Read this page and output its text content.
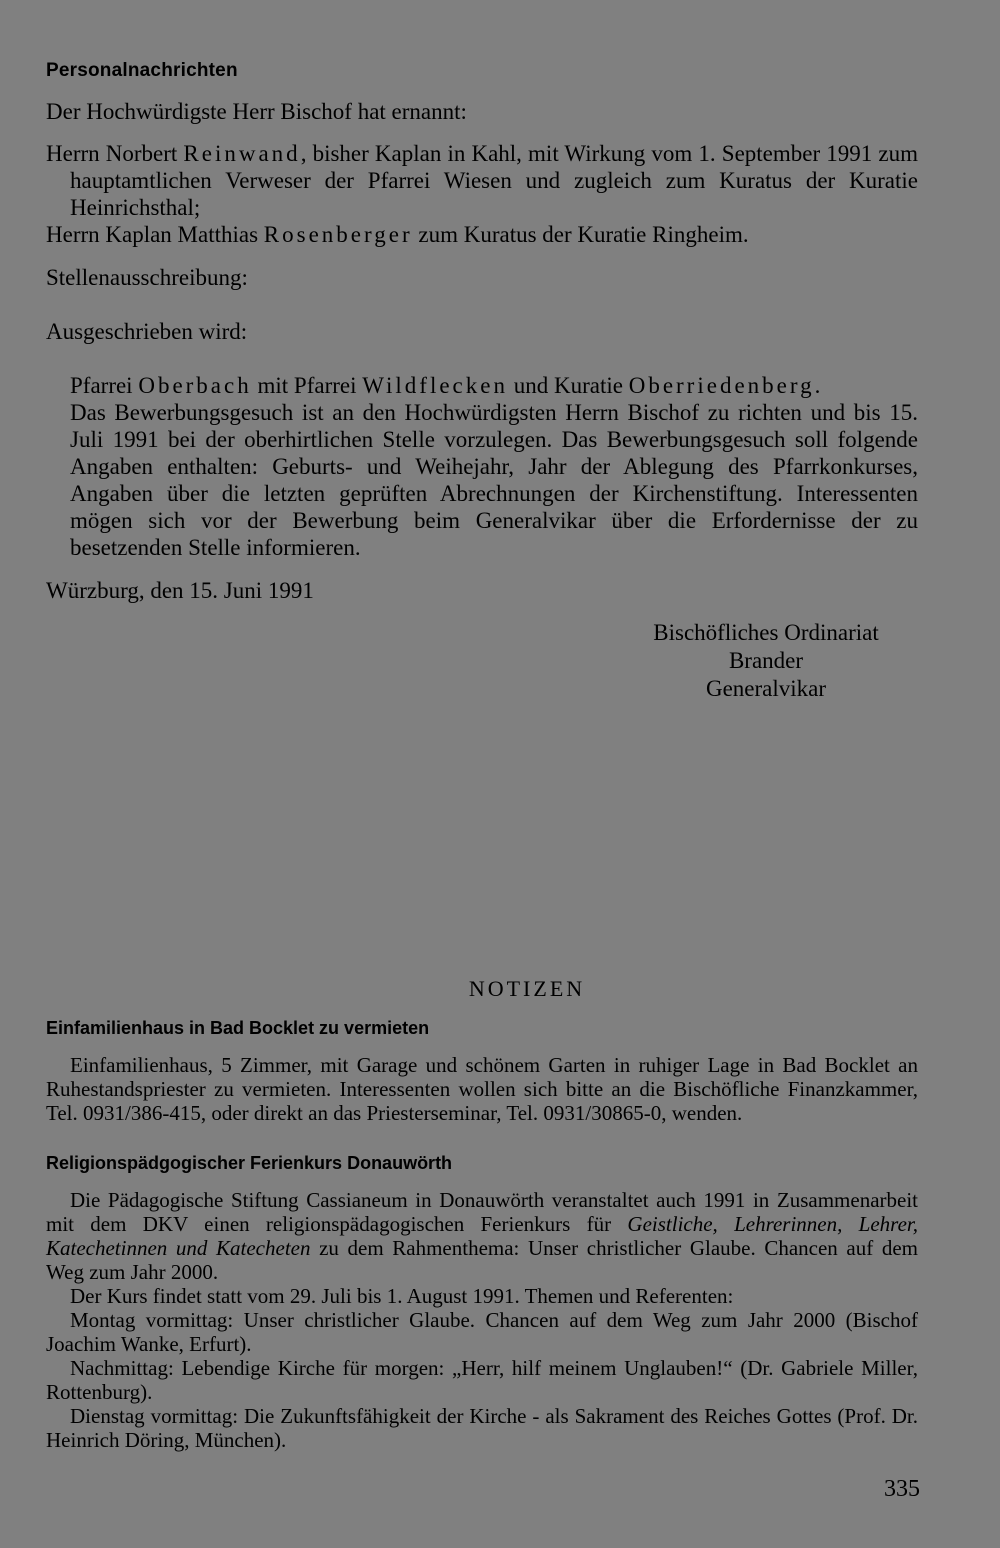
Personalnachrichten

Der Hochwürdigste Herr Bischof hat ernannt:

Herrn Norbert Reinwand, bisher Kaplan in Kahl, mit Wirkung vom 1. September 1991 zum hauptamtlichen Verweser der Pfarrei Wiesen und zugleich zum Kuratus der Kuratie Heinrichsthal;

Herrn Kaplan Matthias Rosenberger zum Kuratus der Kuratie Ringheim.

Stellenausschreibung:

Ausgeschrieben wird:

Pfarrei Oberbach mit Pfarrei Wildflecken und Kuratie Oberriedenberg.

Das Bewerbungsgesuch ist an den Hochwürdigsten Herrn Bischof zu richten und bis 15. Juli 1991 bei der oberhirtlichen Stelle vorzulegen. Das Bewerbungsgesuch soll folgende Angaben enthalten: Geburts- und Weihejahr, Jahr der Ablegung des Pfarrkonkurses, Angaben über die letzten geprüften Abrechnungen der Kirchenstiftung. Interessenten mögen sich vor der Bewerbung beim Generalvikar über die Erfordernisse der zu besetzenden Stelle informieren.

Würzburg, den 15. Juni 1991

Bischöfliches Ordinariat
Brander
Generalvikar
NOTIZEN
Einfamilienhaus in Bad Bocklet zu vermieten

Einfamilienhaus, 5 Zimmer, mit Garage und schönem Garten in ruhiger Lage in Bad Bocklet an Ruhestandspriester zu vermieten. Interessenten wollen sich bitte an die Bischöfliche Finanzkammer, Tel. 0931/386-415, oder direkt an das Priesterseminar, Tel. 0931/30865-0, wenden.

Religionspädgogischer Ferienkurs Donauwörth

Die Pädagogische Stiftung Cassianeum in Donauwörth veranstaltet auch 1991 in Zusammenarbeit mit dem DKV einen religionspädagogischen Ferienkurs für Geistliche, Lehrerinnen, Lehrer, Katechetinnen und Katecheten zu dem Rahmenthema: Unser christlicher Glaube. Chancen auf dem Weg zum Jahr 2000.

Der Kurs findet statt vom 29. Juli bis 1. August 1991. Themen und Referenten:

Montag vormittag: Unser christlicher Glaube. Chancen auf dem Weg zum Jahr 2000 (Bischof Joachim Wanke, Erfurt).

Nachmittag: Lebendige Kirche für morgen: „Herr, hilf meinem Unglauben!“ (Dr. Gabriele Miller, Rottenburg).

Dienstag vormittag: Die Zukunftsfähigkeit der Kirche - als Sakrament des Reiches Gottes (Prof. Dr. Heinrich Döring, München).

335
